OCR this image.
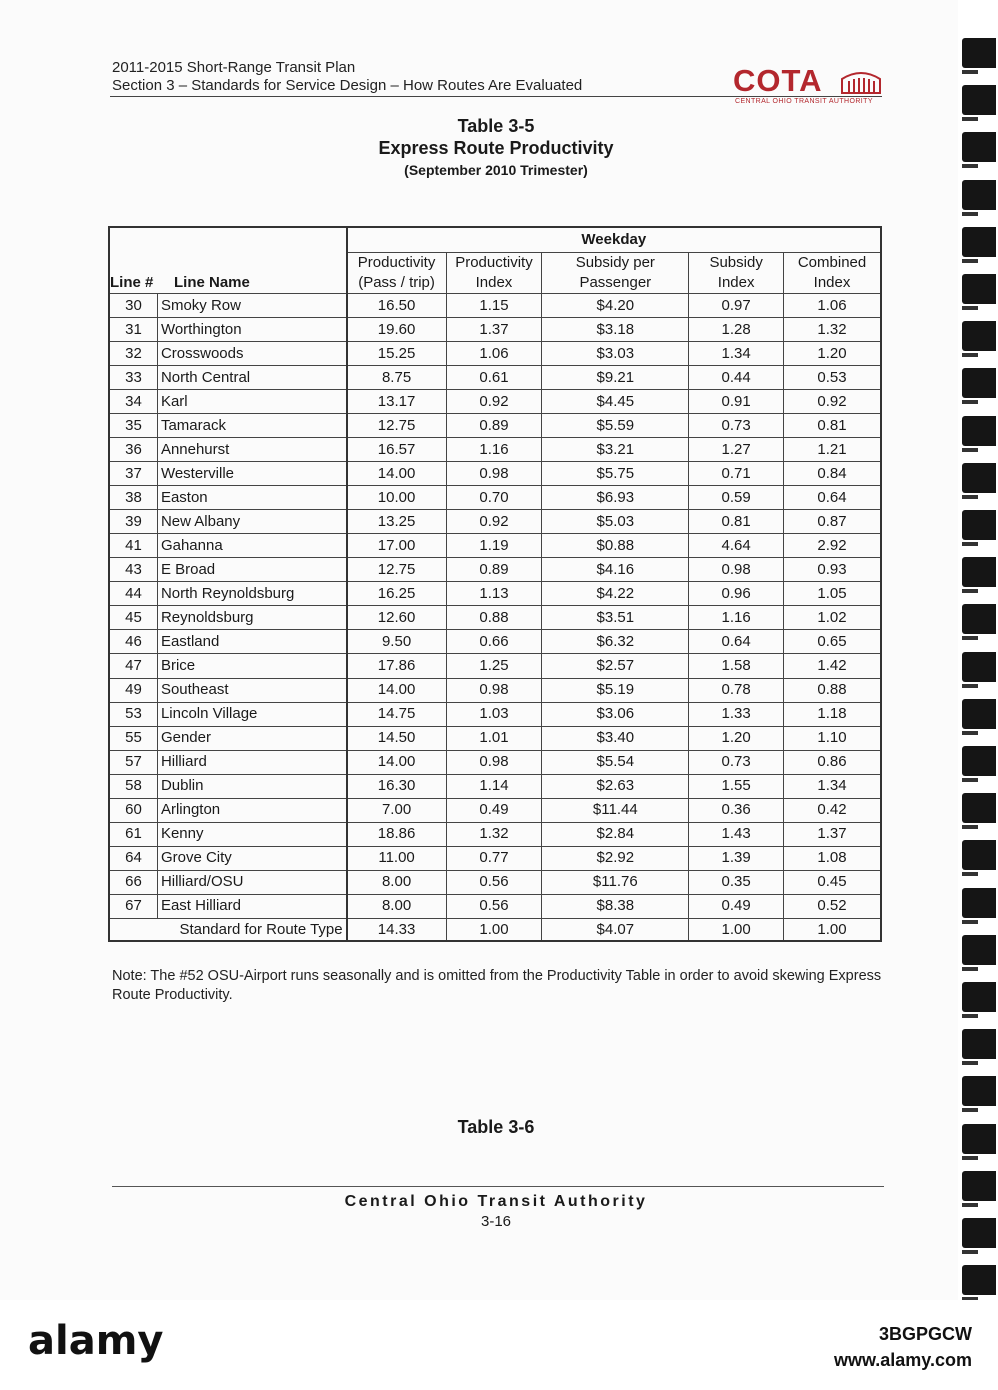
2011-2015 Short-Range Transit Plan
Section 3 – Standards for Service Design – How Routes Are Evaluated	COTA
CENTRAL OHIO TRANSIT AUTHORITY
Table 3-5
Express Route Productivity
(September 2010 Trimester)
Line # Line Name		Weekday				
		Productivity (Pass / trip)	Productivity Index	Subsidy per Passenger	Subsidy Index	Combined Index
30	Smoky Row	16.50	1.15	$4.20	0.97	1.06
31	Worthington	19.60	1.37	$3.18	1.28	1.32
32	Crosswoods	15.25	1.06	$3.03	1.34	1.20
33	North Central	8.75	0.61	$9.21	0.44	0.53
34	Karl	13.17	0.92	$4.45	0.91	0.92
35	Tamarack	12.75	0.89	$5.59	0.73	0.81
36	Annehurst	16.57	1.16	$3.21	1.27	1.21
37	Westerville	14.00	0.98	$5.75	0.71	0.84
38	Easton	10.00	0.70	$6.93	0.59	0.64
39	New Albany	13.25	0.92	$5.03	0.81	0.87
41	Gahanna	17.00	1.19	$0.88	4.64	2.92
43	E Broad	12.75	0.89	$4.16	0.98	0.93
44	North Reynoldsburg	16.25	1.13	$4.22	0.96	1.05
45	Reynoldsburg	12.60	0.88	$3.51	1.16	1.02
46	Eastland	9.50	0.66	$6.32	0.64	0.65
47	Brice	17.86	1.25	$2.57	1.58	1.42
49	Southeast	14.00	0.98	$5.19	0.78	0.88
53	Lincoln Village	14.75	1.03	$3.06	1.33	1.18
55	Gender	14.50	1.01	$3.40	1.20	1.10
57	Hilliard	14.00	0.98	$5.54	0.73	0.86
58	Dublin	16.30	1.14	$2.63	1.55	1.34
60	Arlington	7.00	0.49	$11.44	0.36	0.42
61	Kenny	18.86	1.32	$2.84	1.43	1.37
64	Grove City	11.00	0.77	$2.92	1.39	1.08
66	Hilliard/OSU	8.00	0.56	$11.76	0.35	0.45
67	East Hilliard	8.00	0.56	$8.38	0.49	0.52
Standard for Route Type		14.33	1.00	$4.07	1.00	1.00
Note: The #52 OSU-Airport runs seasonally and is omitted from the Productivity Table in order to avoid skewing Express Route Productivity.
Table 3-6
Central Ohio Transit Authority
3-16
alamy	3BGPGCW
www.alamy.com
